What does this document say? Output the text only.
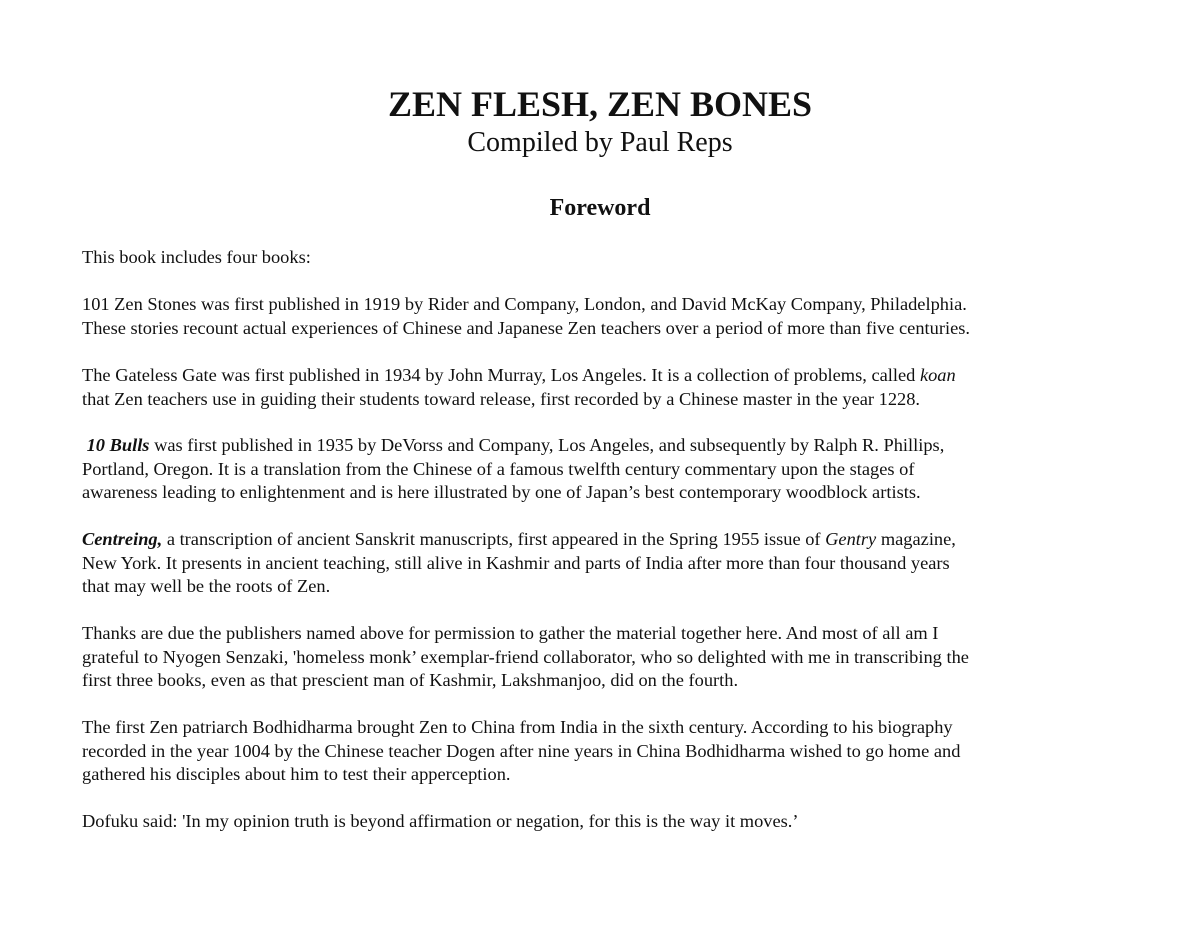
ZEN FLESH, ZEN BONES
Compiled by Paul Reps
Foreword

This book includes four books:

101 Zen Stones was first published in 1919 by Rider and Company, London, and David McKay Company, Philadelphia.
These stories recount actual experiences of Chinese and Japanese Zen teachers over a period of more than five centuries.

The Gateless Gate was first published in 1934 by John Murray, Los Angeles. It is a collection of problems, called koan
that Zen teachers use in guiding their students toward release, first recorded by a Chinese master in the year 1228.

10 Bulls was first published in 1935 by DeVorss and Company, Los Angeles, and subsequently by Ralph R. Phillips,
Portland, Oregon. It is a translation from the Chinese of a famous twelfth century commentary upon the stages of
awareness leading to enlightenment and is here illustrated by one of Japan’s best contemporary woodblock artists.

Centreing, a transcription of ancient Sanskrit manuscripts, first appeared in the Spring 1955 issue of Gentry magazine,
New York. It presents in ancient teaching, still alive in Kashmir and parts of India after more than four thousand years
that may well be the roots of Zen.

Thanks are due the publishers named above for permission to gather the material together here. And most of all am I
grateful to Nyogen Senzaki, 'homeless monk’ exemplar-friend collaborator, who so delighted with me in transcribing the
first three books, even as that prescient man of Kashmir, Lakshmanjoo, did on the fourth.

The first Zen patriarch Bodhidharma brought Zen to China from India in the sixth century. According to his biography
recorded in the year 1004 by the Chinese teacher Dogen after nine years in China Bodhidharma wished to go home and
gathered his disciples about him to test their apperception.

Dofuku said: 'In my opinion truth is beyond affirmation or negation, for this is the way it moves.’
